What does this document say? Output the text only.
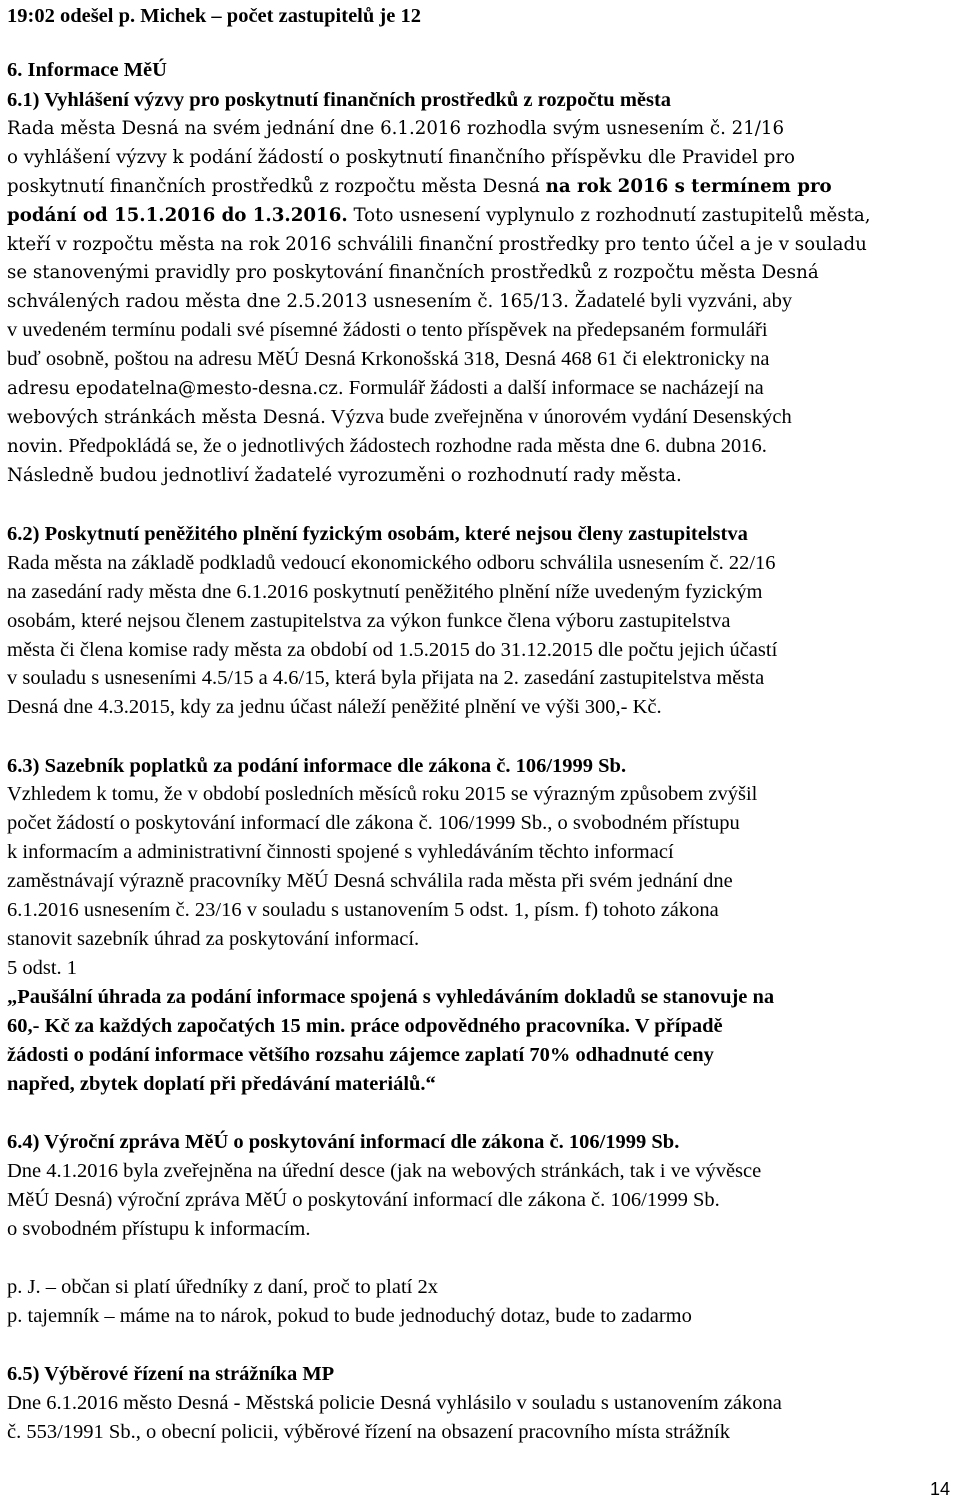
19:02 odešel p. Michek – počet zastupitelů je 12
6. Informace MěÚ
6.1) Vyhlášení výzvy pro poskytnutí finančních prostředků z rozpočtu města
Rada města Desná na svém jednání dne 6.1.2016 rozhodla svým usnesením č. 21/16
o vyhlášení výzvy k podání žádostí o poskytnutí finančního příspěvku dle Pravidel pro
poskytnutí finančních prostředků z rozpočtu města Desná na rok 2016 s termínem pro
podání od 15.1.2016 do 1.3.2016. Toto usnesení vyplynulo z rozhodnutí zastupitelů města,
kteří v rozpočtu města na rok 2016 schválili finanční prostředky pro tento účel a je v souladu
se stanovenými pravidly pro poskytování finančních prostředků z rozpočtu města Desná
schválených radou města dne 2.5.2013 usnesením č. 165/13. Žadatelé byli vyzváni, aby
v uvedeném termínu podali své písemné žádosti o tento příspěvek na předepsaném formuláři
buď osobně, poštou na adresu MěÚ Desná Krkonošská 318, Desná 468 61 či elektronicky na
adresu epodatelna@mesto-desna.cz. Formulář žádosti a další informace se nacházejí na
webových stránkách města Desná. Výzva bude zveřejněna v únorovém vydání Desenských
novin. Předpokládá se, že o jednotlivých žádostech rozhodne rada města dne 6. dubna 2016.
Následně budou jednotliví žadatelé vyrozuměni o rozhodnutí rady města.
6.2) Poskytnutí peněžitého plnění fyzickým osobám, které nejsou členy zastupitelstva
Rada města na základě podkladů vedoucí ekonomického odboru schválila usnesením č. 22/16
na zasedání rady města dne 6.1.2016 poskytnutí peněžitého plnění níže uvedeným fyzickým
osobám, které nejsou členem zastupitelstva za výkon funkce člena výboru zastupitelstva
města či člena komise rady města za období od 1.5.2015 do 31.12.2015 dle počtu jejich účastí
v souladu s usneseními 4.5/15 a 4.6/15, která byla přijata na 2. zasedání zastupitelstva města
Desná dne 4.3.2015, kdy za jednu účast náleží peněžité plnění ve výši 300,- Kč.
6.3) Sazebník poplatků za podání informace dle zákona č. 106/1999 Sb.
Vzhledem k tomu, že v období posledních měsíců roku 2015 se výrazným způsobem zvýšil
počet žádostí o poskytování informací dle zákona č. 106/1999 Sb., o svobodném přístupu
k informacím a administrativní činnosti spojené s vyhledáváním těchto informací
zaměstnávají výrazně pracovníky MěÚ Desná schválila rada města při svém jednání dne
6.1.2016 usnesením č. 23/16 v souladu s ustanovením 5 odst. 1, písm. f) tohoto zákona
stanovit sazebník úhrad za poskytování informací.
5 odst. 1
„Paušální úhrada za podání informace spojená s vyhledáváním dokladů se stanovuje na
60,- Kč za každých započatých 15 min. práce odpovědného pracovníka. V případě
žádosti o podání informace většího rozsahu zájemce zaplatí 70% odhadnuté ceny
napřed, zbytek doplatí při předávání materiálů.“
6.4) Výroční zpráva MěÚ o poskytování informací dle zákona č. 106/1999 Sb.
Dne 4.1.2016 byla zveřejněna na úřední desce (jak na webových stránkách, tak i ve vývěsce
MěÚ Desná) výroční zpráva MěÚ o poskytování informací dle zákona č. 106/1999 Sb.
o svobodném přístupu k informacím.
p. J. – občan si platí úředníky z daní, proč to platí 2x
p. tajemník – máme na to nárok, pokud to bude jednoduchý dotaz, bude to zadarmo
6.5) Výběrové řízení na strážníka MP
Dne 6.1.2016 město Desná - Městská policie Desná vyhlásilo v souladu s ustanovením zákona
č. 553/1991 Sb., o obecní policii, výběrové řízení na obsazení pracovního místa strážník
14
